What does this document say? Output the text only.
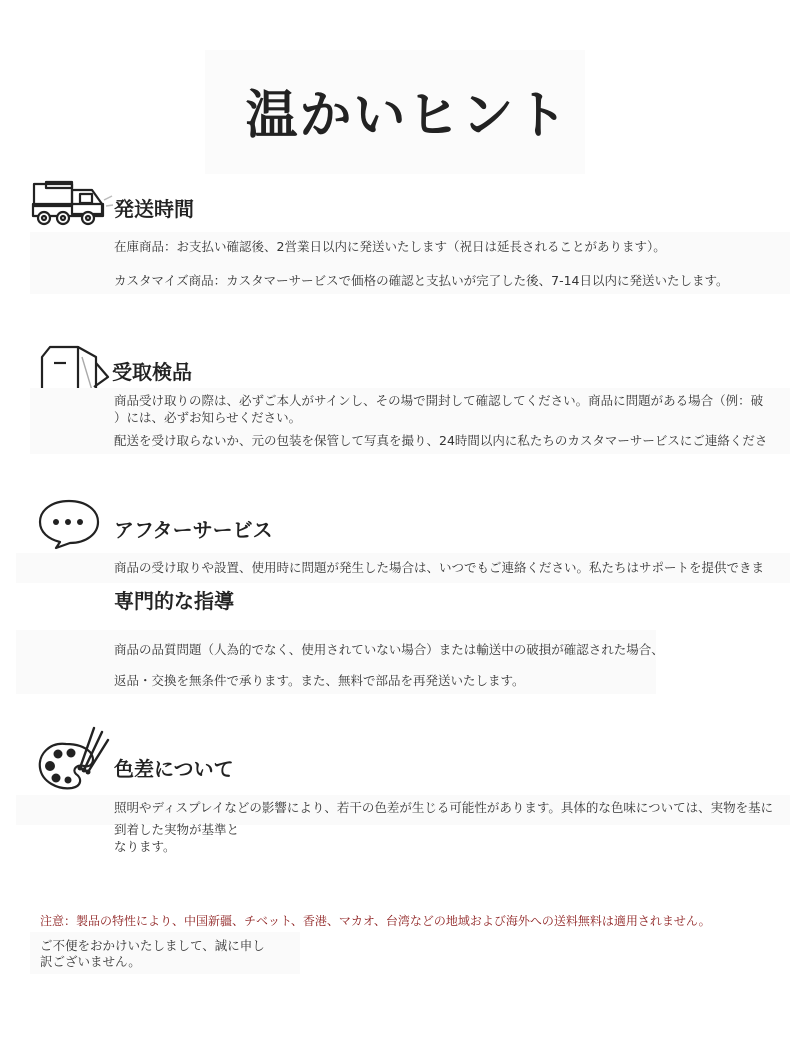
温かいヒント
発送時間

在庫商品：お支払い確認後、2営業日以内に発送いたします（祝日は延長されることがあります）。

カスタマイズ商品：カスタマーサービスで価格の確認と支払いが完了した後、7-14日以内に発送いたします。

受取検品

商品受け取りの際は、必ずご本人がサインし、その場で開封して確認してください。商品に問題がある場合（例：破

）には、必ずお知らせください。

配送を受け取らないか、元の包装を保管して写真を撮り、24時間以内に私たちのカスタマーサービスにご連絡くださ

アフターサービス

商品の受け取りや設置、使用時に問題が発生した場合は、いつでもご連絡ください。私たちはサポートを提供できま

専門的な指導

商品の品質問題（人為的でなく、使用されていない場合）または輸送中の破損が確認された場合、

返品・交換を無条件で承ります。また、無料で部品を再発送いたします。

色差について

照明やディスプレイなどの影響により、若干の色差が生じる可能性があります。具体的な色味については、実物を基に

到着した実物が基準と

なります。

注意：製品の特性により、中国新疆、チベット、香港、マカオ、台湾などの地域および海外への送料無料は適用されません。

ご不便をおかけいたしまして、誠に申し

訳ございません。
